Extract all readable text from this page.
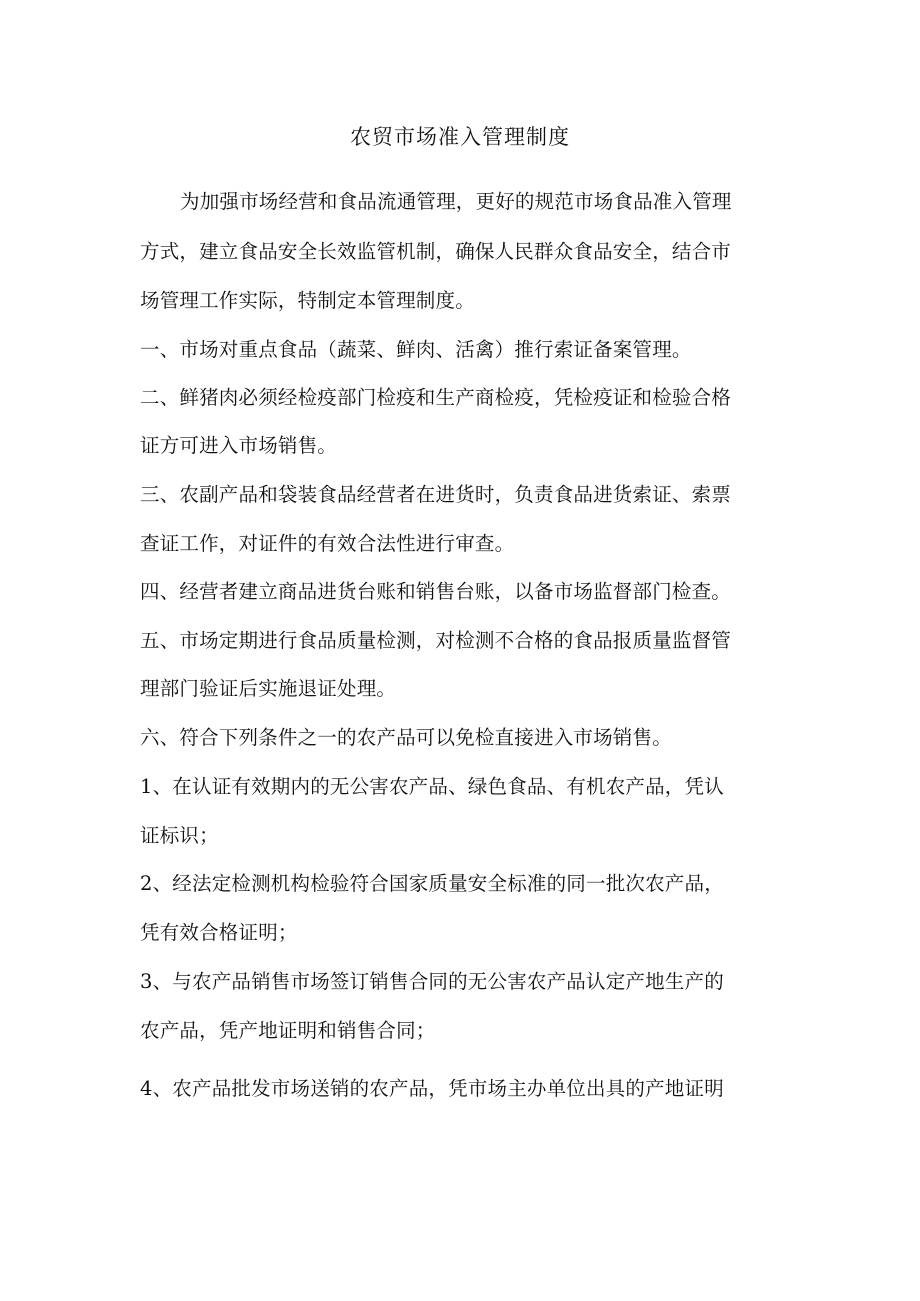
农贸市场准入管理制度
为加强市场经营和食品流通管理，更好的规范市场食品准入管理
方式，建立食品安全长效监管机制，确保人民群众食品安全，结合市
场管理工作实际，特制定本管理制度。
一、市场对重点食品（蔬菜、鲜肉、活禽）推行索证备案管理。
二、鲜猪肉必须经检疫部门检疫和生产商检疫，凭检疫证和检验合格
证方可进入市场销售。
三、农副产品和袋装食品经营者在进货时，负责食品进货索证、索票
查证工作，对证件的有效合法性进行审查。
四、经营者建立商品进货台账和销售台账，以备市场监督部门检查。
五、市场定期进行食品质量检测，对检测不合格的食品报质量监督管
理部门验证后实施退证处理。
六、符合下列条件之一的农产品可以免检直接进入市场销售。
1、在认证有效期内的无公害农产品、绿色食品、有机农产品，凭认
证标识；
2、经法定检测机构检验符合国家质量安全标准的同一批次农产品，
凭有效合格证明；
3、与农产品销售市场签订销售合同的无公害农产品认定产地生产的
农产品，凭产地证明和销售合同；
4、农产品批发市场送销的农产品，凭市场主办单位出具的产地证明
